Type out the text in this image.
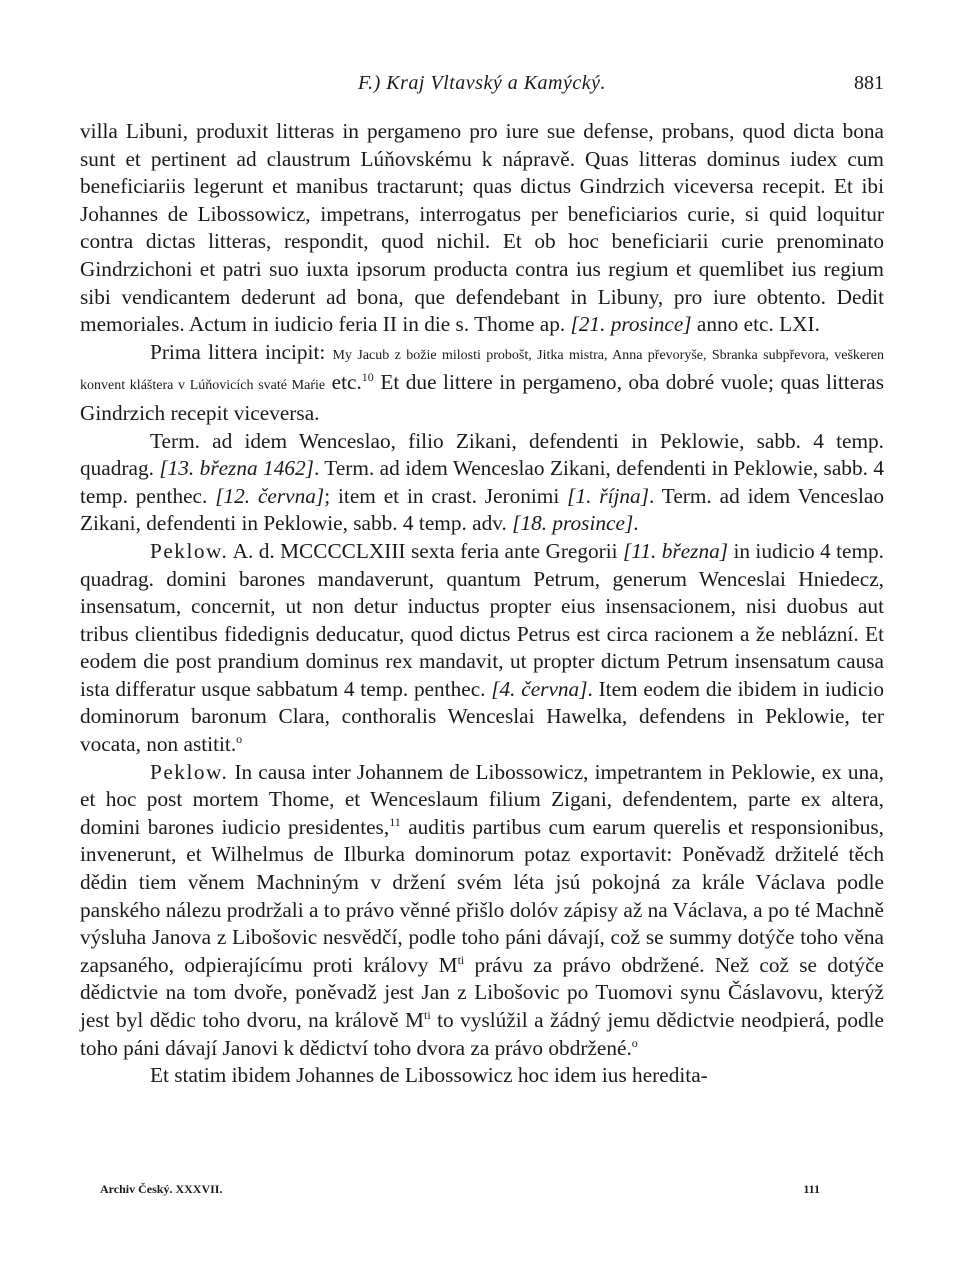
F.) Kraj Vltavský a Kamýcký.	881

villa Libuni, produxit litteras in pergameno pro iure sue defense, probans, quod dicta bona sunt et pertinent ad claustrum Lúňovskému k nápravě. Quas litteras dominus iudex cum beneficiariis legerunt et manibus tractarunt; quas dictus Gindrzich viceversa recepit. Et ibi Johannes de Libossowicz, impetrans, interrogatus per beneficiarios curie, si quid loquitur contra dictas litteras, respondit, quod nichil. Et ob hoc beneficiarii curie prenominato Gindrzichoni et patri suo iuxta ipsorum producta contra ius regium et quemlibet ius regium sibi vendicantem dederunt ad bona, que defendebant in Libuny, pro iure obtento. Dedit memoriales. Actum in iudicio feria II in die s. Thome ap. [21. prosince] anno etc. LXI.

Prima littera incipit: My Jacub z božie milosti probošt, Jitka mistra, Anna převoryše, Sbranka subpřevora, veškeren konvent kláštera v Lúňovicích svaté Maŕie etc.$^{10}$ Et due littere in pergameno, oba dobré vuole; quas litteras Gindrzich recepit viceversa.

Term. ad idem Wenceslao, filio Zikani, defendenti in Peklowie, sabb. 4 temp. quadrag. [13. března 1462]. Term. ad idem Wenceslao Zikani, defendenti in Peklowie, sabb. 4 temp. penthec. [12. června]; item et in crast. Jeronimi [1. října]. Term. ad idem Venceslao Zikani, defendenti in Peklowie, sabb. 4 temp. adv. [18. prosince].

Peklow. A. d. MCCCCLXIII sexta feria ante Gregorii [11. března] in iudicio 4 temp. quadrag. domini barones mandaverunt, quantum Petrum, generum Wenceslai Hniedecz, insensatum, concernit, ut non detur inductus propter eius insensacionem, nisi duobus aut tribus clientibus fidedignis deducatur, quod dictus Petrus est circa racionem a že neblázní. Et eodem die post prandium dominus rex mandavit, ut propter dictum Petrum insensatum causa ista differatur usque sabbatum 4 temp. penthec. [4. června]. Item eodem die ibidem in iudicio dominorum baronum Clara, conthoralis Wenceslai Hawelka, defendens in Peklowie, ter vocata, non astitit.$^o$

Peklow. In causa inter Johannem de Libossowicz, impetrantem in Peklowie, ex una, et hoc post mortem Thome, et Wenceslaum filium Zigani, defendentem, parte ex altera, domini barones iudicio presidentes,$^{11}$ auditis partibus cum earum querelis et responsionibus, invenerunt, et Wilhelmus de Ilburka dominorum potaz exportavit: Poněvadž držitelé těch dědin tiem věnem Machniným v držení svém léta jsú pokojná za krále Václava podle panského nálezu prodržali a to právo věnné přišlo dolóv zápisy až na Václava, a po té Machně výsluha Janova z Libošovic nesvědčí, podle toho páni dávají, což se summy dotýče toho věna zapsaného, odpierajícímu proti královy M$^{ti}$ právu za právo obdržené. Než což se dotýče dědictvie na tom dvoře, poněvadž jest Jan z Libošovic po Tuomovi synu Čáslavovu, kterýž jest byl dědic toho dvoru, na králově M$^{ti}$ to vyslúžil a žádný jemu dědictvie neodpierá, podle toho páni dávají Janovi k dědictví toho dvora za právo obdržené.$^o$

Et statim ibidem Johannes de Libossowicz hoc idem ius heredita-

Archiv Český. XXXVII.	111
